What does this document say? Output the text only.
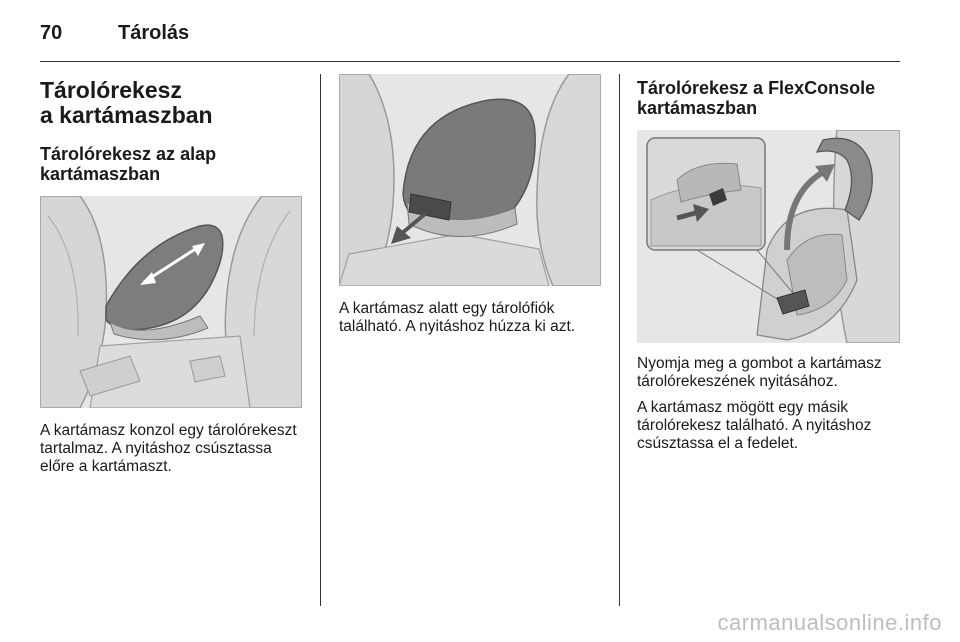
70	Tárolás
Tárolórekesz
a kartámaszban
Tárolórekesz az alap
kartámaszban

A kartámasz konzol egy tárolórekeszt tartalmaz. A nyitáshoz csúsztassa előre a kartámaszt.

A kartámasz alatt egy tárolófiók található. A nyitáshoz húzza ki azt.

Tárolórekesz a FlexConsole
kartámaszban

Nyomja meg a gombot a kartámasz tárolórekeszének nyitásához.

A kartámasz mögött egy másik tárolórekesz található. A nyitáshoz csúsztassa el a fedelet.

carmanualsonline.info
